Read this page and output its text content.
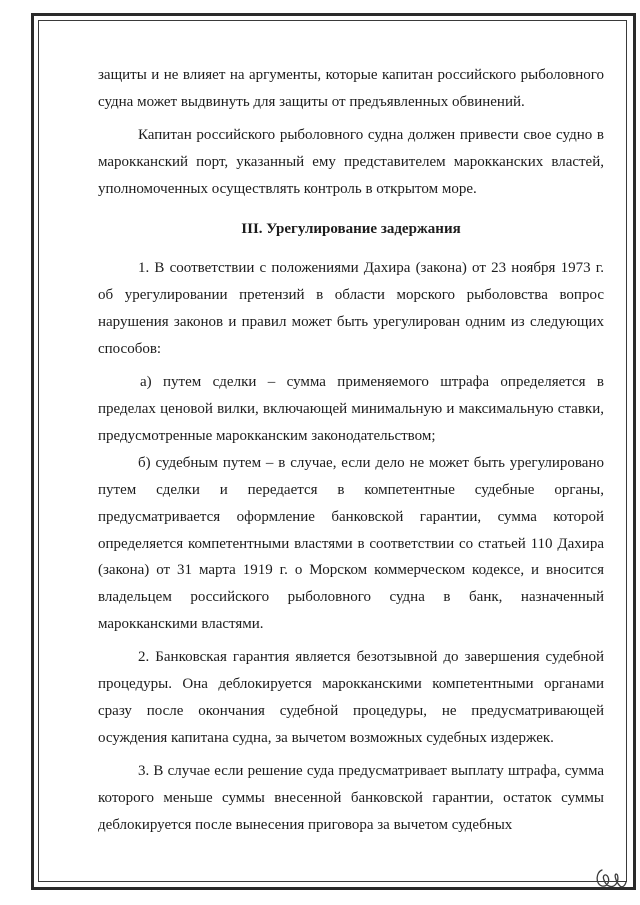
защиты и не влияет на аргументы, которые капитан российского рыболовного судна может выдвинуть для защиты от предъявленных обвинений.

Капитан российского рыболовного судна должен привести свое судно в марокканский порт, указанный ему представителем марокканских властей, уполномоченных осуществлять контроль в открытом море.

III. Урегулирование задержания

1. В соответствии с положениями Дахира (закона) от 23 ноября 1973 г. об урегулировании претензий в области морского рыболовства вопрос нарушения законов и правил может быть урегулирован одним из следующих способов:

а) путем сделки – сумма применяемого штрафа определяется в пределах ценовой вилки, включающей минимальную и максимальную ставки, предусмотренные марокканским законодательством;

б) судебным путем – в случае, если дело не может быть урегулировано путем сделки и передается в компетентные судебные органы, предусматривается оформление банковской гарантии, сумма которой определяется компетентными властями в соответствии со статьей 110 Дахира (закона) от 31 марта 1919 г. о Морском коммерческом кодексе, и вносится владельцем российского рыболовного судна в банк, назначенный марокканскими властями.

2. Банковская гарантия является безотзывной до завершения судебной процедуры. Она деблокируется марокканскими компетентными органами сразу после окончания судебной процедуры, не предусматривающей осуждения капитана судна, за вычетом возможных судебных издержек.

3. В случае если решение суда предусматривает выплату штрафа, сумма которого меньше суммы внесенной банковской гарантии, остаток суммы деблокируется после вынесения приговора за вычетом судебных
